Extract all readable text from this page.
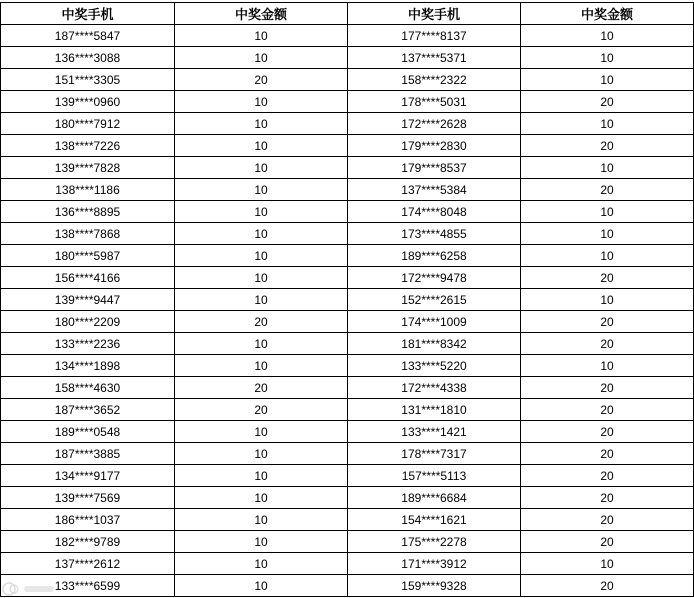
中奖手机	中奖金额	中奖手机	中奖金额
187****5847	10	177****8137	10
136****3088	10	137****5371	10
151****3305	20	158****2322	10
139****0960	10	178****5031	20
180****7912	10	172****2628	10
138****7226	10	179****2830	20
139****7828	10	179****8537	10
138****1186	10	137****5384	20
136****8895	10	174****8048	10
138****7868	10	173****4855	10
180****5987	10	189****6258	10
156****4166	10	172****9478	20
139****9447	10	152****2615	10
180****2209	20	174****1009	20
133****2236	10	181****8342	20
134****1898	10	133****5220	10
158****4630	20	172****4338	20
187****3652	20	131****1810	20
189****0548	10	133****1421	20
187****3885	10	178****7317	20
134****9177	10	157****5113	20
139****7569	10	189****6684	20
186****1037	10	154****1621	20
182****9789	10	175****2278	20
137****2612	10	171****3912	10
133****6599	10	159****9328	20
